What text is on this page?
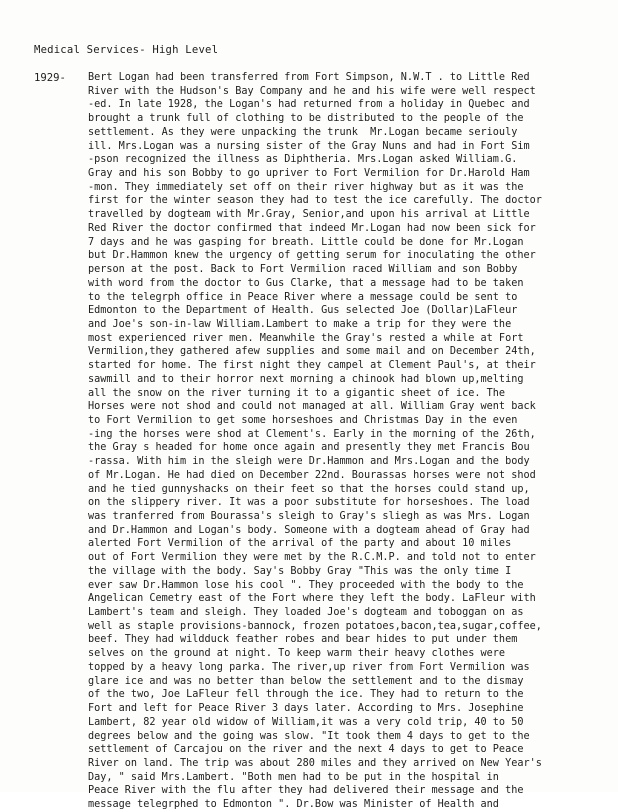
Medical Services- High Level
1929- Bert Logan had been transferred from Fort Simpson, N.W.T . to Little Red
River with the Hudson's Bay Company and he and his wife were well respect
-ed. In late 1928, the Logan's had returned from a holiday in Quebec and
brought a trunk full of clothing to be distributed to the people of the
settlement. As they were unpacking the trunk  Mr.Logan became seriouly
ill. Mrs.Logan was a nursing sister of the Gray Nuns and had in Fort Sim
-pson recognized the illness as Diphtheria. Mrs.Logan asked William.G.
Gray and his son Bobby to go upriver to Fort Vermilion for Dr.Harold Ham
-mon. They immediately set off on their river highway but as it was the
first for the winter season they had to test the ice carefully. The doctor
travelled by dogteam with Mr.Gray, Senior,and upon his arrival at Little
Red River the doctor confirmed that indeed Mr.Logan had now been sick for
7 days and he was gasping for breath. Little could be done for Mr.Logan
but Dr.Hammon knew the urgency of getting serum for inoculating the other
person at the post. Back to Fort Vermilion raced William and son Bobby
with word from the doctor to Gus Clarke, that a message had to be taken
to the telegrph office in Peace River where a message could be sent to
Edmonton to the Department of Health. Gus selected Joe (Dollar)LaFleur
and Joe's son-in-law William.Lambert to make a trip for they were the
most experienced river men. Meanwhile the Gray's rested a while at Fort
Vermilion,they gathered afew supplies and some mail and on December 24th,
started for home. The first night they campel at Clement Paul's, at their
sawmill and to their horror next morning a chinook had blown up,melting
all the snow on the river turning it to a gigantic sheet of ice. The
Horses were not shod and could not managed at all. William Gray went back
to Fort Vermilion to get some horseshoes and Christmas Day in the even
-ing the horses were shod at Clement's. Early in the morning of the 26th,
the Gray s headed for home once again and presently they met Francis Bou
-rassa. With him in the sleigh were Dr.Hammon and Mrs.Logan and the body
of Mr.Logan. He had died on December 22nd. Bourassas horses were not shod
and he tied gunnyshacks on their feet so that the horses could stand up,
on the slippery river. It was a poor substitute for horseshoes. The load
was tranferred from Bourassa's sleigh to Gray's sliegh as was Mrs. Logan
and Dr.Hammon and Logan's body. Someone with a dogteam ahead of Gray had
alerted Fort Vermilion of the arrival of the party and about 10 miles
out of Fort Vermilion they were met by the R.C.M.P. and told not to enter
the village with the body. Say's Bobby Gray "This was the only time I
ever saw Dr.Hammon lose his cool ". They proceeded with the body to the
Angelican Cemetry east of the Fort where they left the body. LaFleur with
Lambert's team and sleigh. They loaded Joe's dogteam and toboggan on as
well as staple provisions-bannock, frozen potatoes,bacon,tea,sugar,coffee,
beef. They had wildduck feather robes and bear hides to put under them
selves on the ground at night. To keep warm their heavy clothes were
topped by a heavy long parka. The river,up river from Fort Vermilion was
glare ice and was no better than below the settlement and to the dismay
of the two, Joe LaFleur fell through the ice. They had to return to the
Fort and left for Peace River 3 days later. According to Mrs. Josephine
Lambert, 82 year old widow of William,it was a very cold trip, 40 to 50
degrees below and the going was slow. "It took them 4 days to get to the
settlement of Carcajou on the river and the next 4 days to get to Peace
River on land. The trip was about 280 miles and they arrived on New Year's
Day, " said Mrs.Lambert. "Both men had to be put in the hospital in
Peace River with the flu after they had delivered their message and the
message telegrphed to Edmonton ". Dr.Bow was Minister of Health and
